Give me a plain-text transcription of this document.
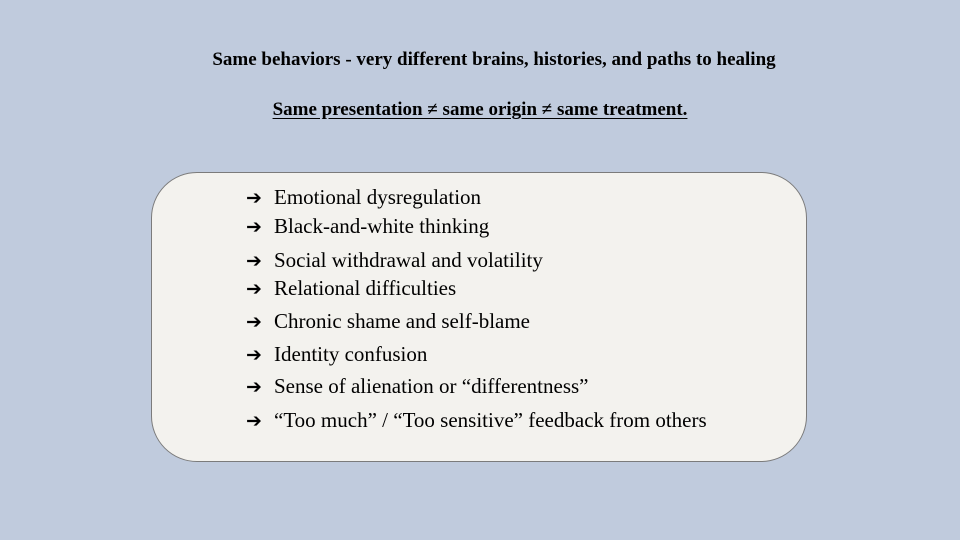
Same behaviors - very different brains, histories, and paths to healing
Same presentation ≠ same origin ≠ same treatment.
➔ Emotional dysregulation
➔ Black-and-white thinking
➔ Social withdrawal and volatility
➔ Relational difficulties
➔ Chronic shame and self-blame
➔ Identity confusion
➔ Sense of alienation or “differentness”
➔ “Too much” / “Too sensitive” feedback from others
